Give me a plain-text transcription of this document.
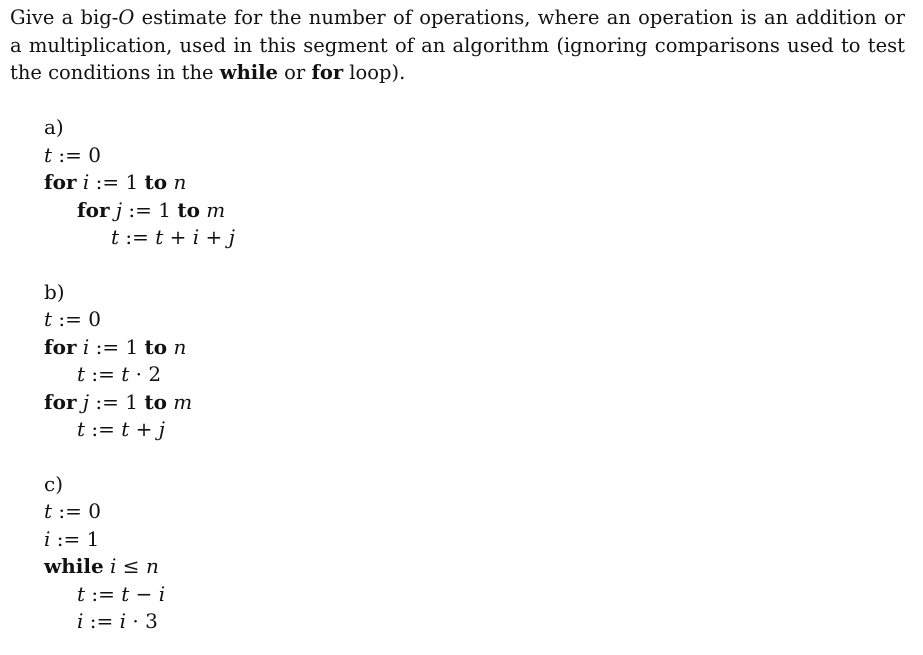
Give a big-O estimate for the number of operations, where an operation is an addition or a multiplication, used in this segment of an algorithm (ignoring comparisons used to test the conditions in the while or for loop).
a)
t := 0
for i := 1 to n
for j := 1 to m
t := t + i + j
b)
t := 0
for i := 1 to n
t := t · 2
for j := 1 to m
t := t + j
c)
t := 0
i := 1
while i ≤ n
t := t − i
i := i · 3
